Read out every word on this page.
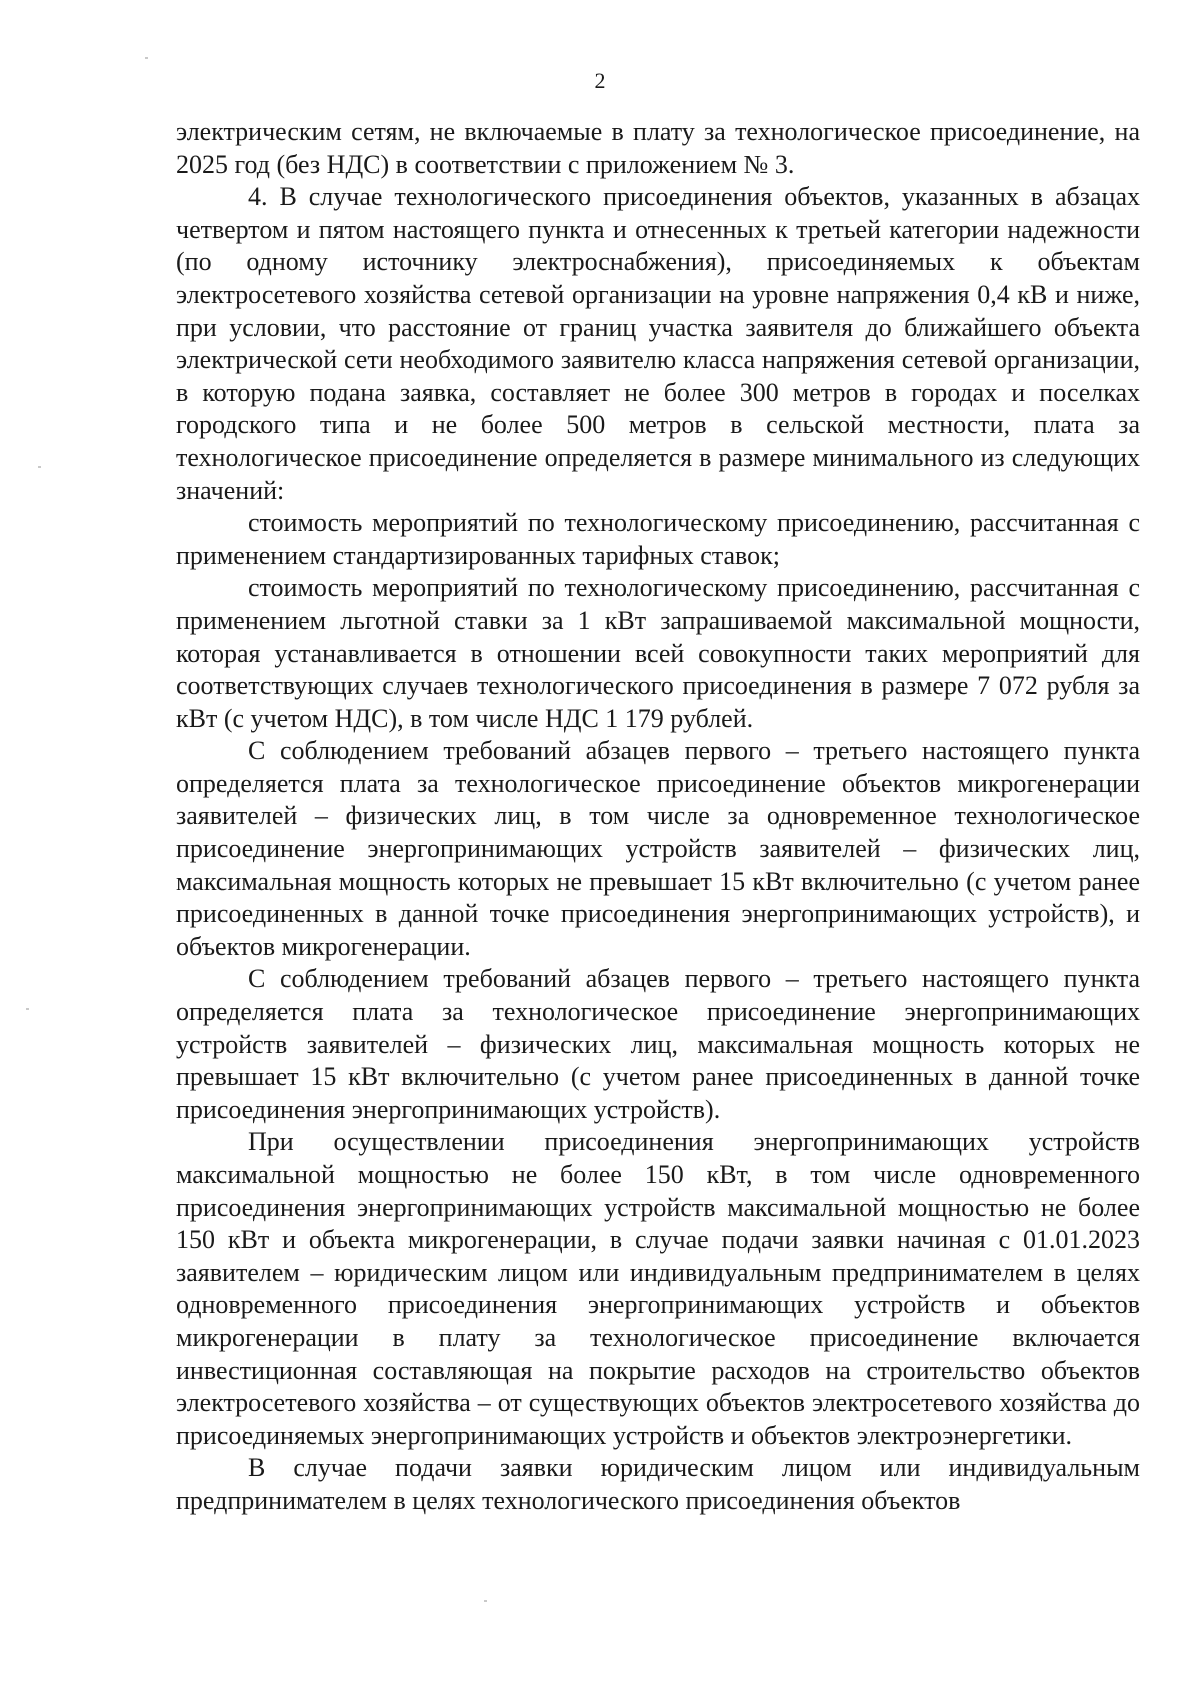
2

электрическим сетям, не включаемые в плату за технологическое присоединение, на 2025 год (без НДС) в соответствии с приложением № 3.

4. В случае технологического присоединения объектов, указанных в абзацах четвертом и пятом настоящего пункта и отнесенных к третьей категории надежности (по одному источнику электроснабжения), присоединяемых к объектам электросетевого хозяйства сетевой организации на уровне напряжения 0,4 кВ и ниже, при условии, что расстояние от границ участка заявителя до ближайшего объекта электрической сети необходимого заявителю класса напряжения сетевой организации, в которую подана заявка, составляет не более 300 метров в городах и поселках городского типа и не более 500 метров в сельской местности, плата за технологическое присоединение определяется в размере минимального из следующих значений:

стоимость мероприятий по технологическому присоединению, рассчитанная с применением стандартизированных тарифных ставок;

стоимость мероприятий по технологическому присоединению, рассчитанная с применением льготной ставки за 1 кВт запрашиваемой максимальной мощности, которая устанавливается в отношении всей совокупности таких мероприятий для соответствующих случаев технологического присоединения в размере 7 072 рубля за кВт (с учетом НДС), в том числе НДС 1 179 рублей.

С соблюдением требований абзацев первого – третьего настоящего пункта определяется плата за технологическое присоединение объектов микрогенерации заявителей – физических лиц, в том числе за одновременное технологическое присоединение энергопринимающих устройств заявителей – физических лиц, максимальная мощность которых не превышает 15 кВт включительно (с учетом ранее присоединенных в данной точке присоединения энергопринимающих устройств), и объектов микрогенерации.

С соблюдением требований абзацев первого – третьего настоящего пункта определяется плата за технологическое присоединение энергопринимающих устройств заявителей – физических лиц, максимальная мощность которых не превышает 15 кВт включительно (с учетом ранее присоединенных в данной точке присоединения энергопринимающих устройств).

При осуществлении присоединения энергопринимающих устройств максимальной мощностью не более 150 кВт, в том числе одновременного присоединения энергопринимающих устройств максимальной мощностью не более 150 кВт и объекта микрогенерации, в случае подачи заявки начиная с 01.01.2023 заявителем – юридическим лицом или индивидуальным предпринимателем в целях одновременного присоединения энергопринимающих устройств и объектов микрогенерации в плату за технологическое присоединение включается инвестиционная составляющая на покрытие расходов на строительство объектов электросетевого хозяйства – от существующих объектов электросетевого хозяйства до присоединяемых энергопринимающих устройств и объектов электроэнергетики.

В случае подачи заявки юридическим лицом или индивидуальным предпринимателем в целях технологического присоединения объектов
